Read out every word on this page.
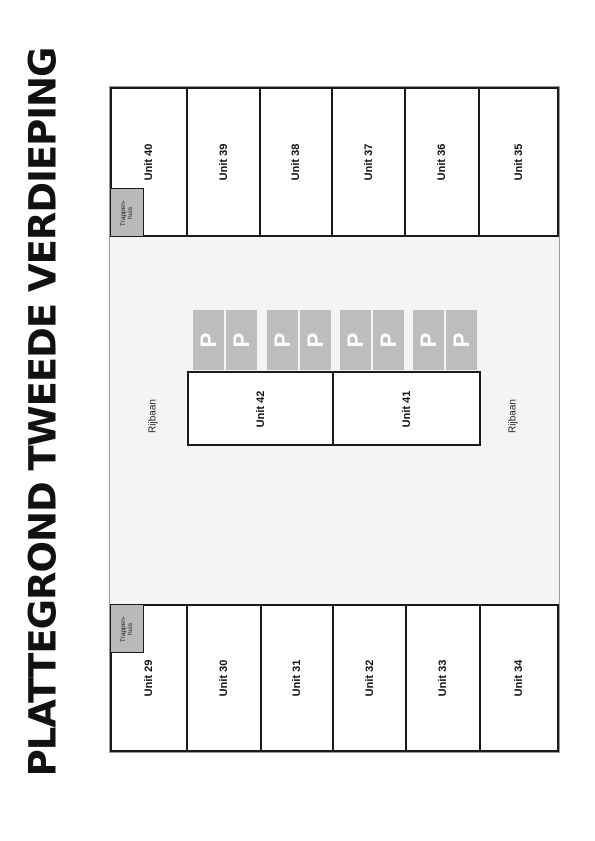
PLATTEGROND TWEEDE VERDIEPING	Unit 40	Unit 39	Unit 38	Unit 37	Unit 36	Unit 35
Trappen-
huis
Unit 29	Unit 30	Unit 31	Unit 32	Unit 33	Unit 34
Trappen-
huis
Rijbaan	Rijbaan
P P P P P P P P
Unit 42	Unit 41
